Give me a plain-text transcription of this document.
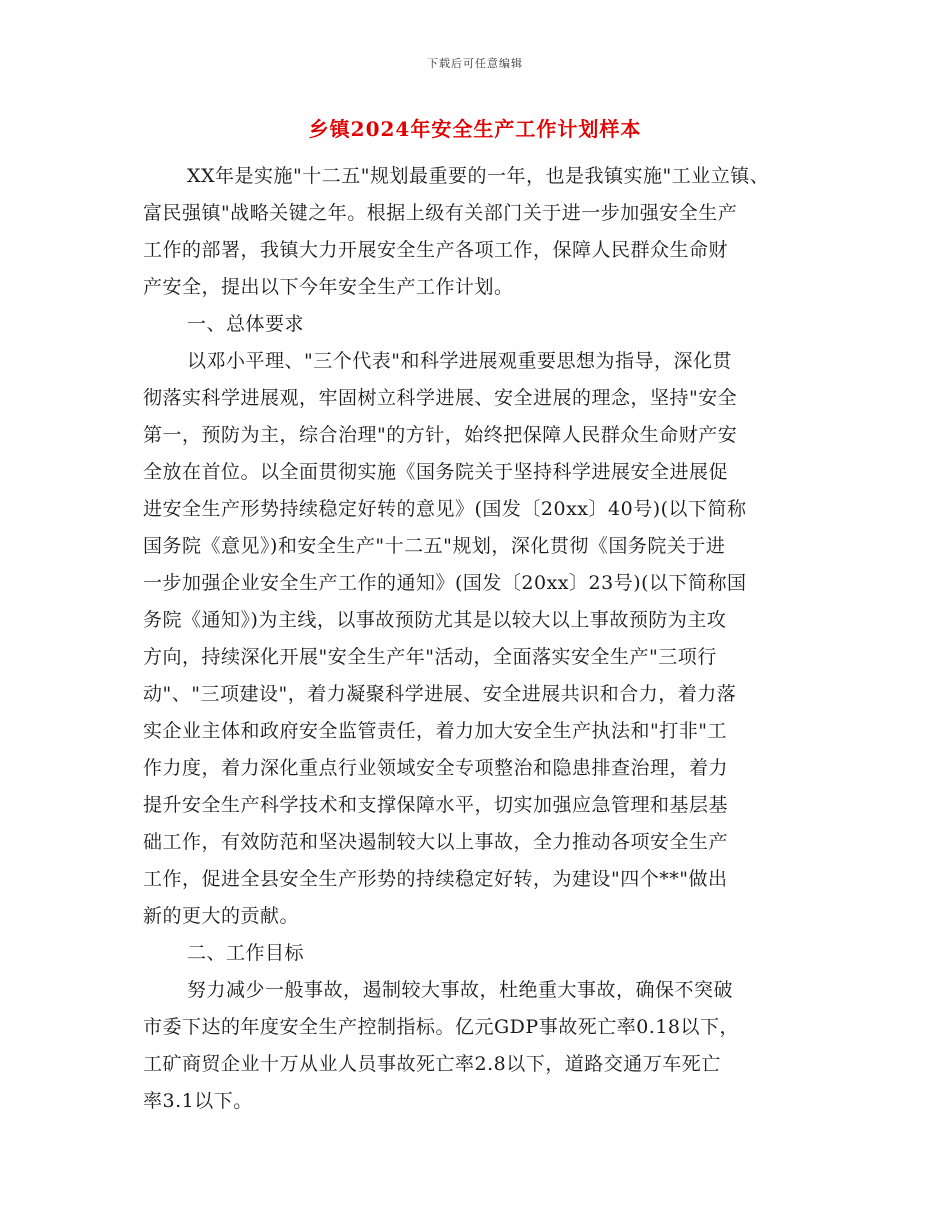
下载后可任意编辑
乡镇2024年安全生产工作计划样本
XX年是实施"十二五"规划最重要的一年，也是我镇实施"工业立镇、
富民强镇"战略关键之年。根据上级有关部门关于进一步加强安全生产
工作的部署，我镇大力开展安全生产各项工作，保障人民群众生命财
产安全，提出以下今年安全生产工作计划。
一、总体要求
以邓小平理、"三个代表"和科学进展观重要思想为指导，深化贯
彻落实科学进展观，牢固树立科学进展、安全进展的理念，坚持"安全
第一，预防为主，综合治理"的方针，始终把保障人民群众生命财产安
全放在首位。以全面贯彻实施《国务院关于坚持科学进展安全进展促
进安全生产形势持续稳定好转的意见》(国发〔20xx〕40号)(以下简称
国务院《意见》)和安全生产"十二五"规划，深化贯彻《国务院关于进
一步加强企业安全生产工作的通知》(国发〔20xx〕23号)(以下简称国
务院《通知》)为主线，以事故预防尤其是以较大以上事故预防为主攻
方向，持续深化开展"安全生产年"活动，全面落实安全生产"三项行
动"、"三项建设"，着力凝聚科学进展、安全进展共识和合力，着力落
实企业主体和政府安全监管责任，着力加大安全生产执法和"打非"工
作力度，着力深化重点行业领域安全专项整治和隐患排查治理，着力
提升安全生产科学技术和支撑保障水平，切实加强应急管理和基层基
础工作，有效防范和坚决遏制较大以上事故，全力推动各项安全生产
工作，促进全县安全生产形势的持续稳定好转，为建设"四个**"做出
新的更大的贡献。
二、工作目标
努力减少一般事故，遏制较大事故，杜绝重大事故，确保不突破
市委下达的年度安全生产控制指标。亿元GDP事故死亡率0.18以下，
工矿商贸企业十万从业人员事故死亡率2.8以下，道路交通万车死亡
率3.1以下。
